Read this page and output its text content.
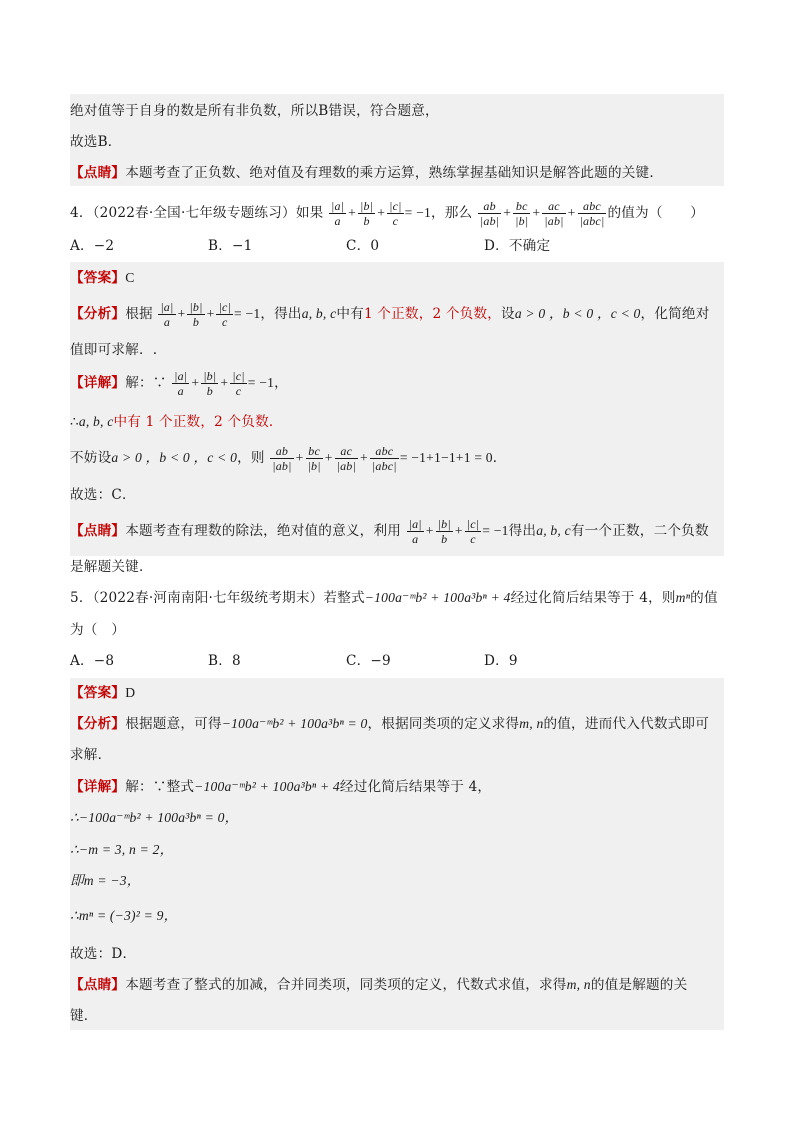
绝对值等于自身的数是所有非负数，所以B错误，符合题意，
故选B．
【点睛】本题考查了正负数、绝对值及有理数的乘方运算，熟练掌握基础知识是解答此题的关键．
4．（2022春·全国·七年级专题练习）如果 $\frac{|a|}{a} + \frac{|b|}{b} + \frac{|c|}{c} = -1$，那么 $\frac{ab}{|ab|} + \frac{bc}{|b|} + \frac{ac}{|ab|} + \frac{\text{abc}}{\text{|abc|}}$ 的值为（　　）
A．−2	B．−1	C．0	D．不确定
【答案】C
【分析】根据 $\frac{|a|}{a} + \frac{|b|}{b} + \frac{|c|}{c} = -1$，得出a, b, c中有1 个正数，2 个负数，设a > 0 ，b < 0 ，c < 0，化简绝对
值即可求解．.
【详解】解：∵ $\frac{|a|}{a} + \frac{|b|}{b} + \frac{|c|}{c} = -1$，
∴a, b, c中有 1 个正数，2 个负数．
不妨设a > 0 ，b < 0 ，c < 0，则 $\frac{ab}{|ab|} + \frac{bc}{|b|} + \frac{ac}{|ab|} + \frac{\text{abc}}{\text{|abc|}} = -1+1-1+1 = 0$．
故选：C．
【点睛】本题考查有理数的除法，绝对值的意义，利用 $\frac{|a|}{a} + \frac{|b|}{b} + \frac{|c|}{c} = -1$得出a, b, c有一个正数，二个负数
是解题关键．
5．（2022春·河南南阳·七年级统考期末）若整式−100a⁻ᵐb² + 100a³bⁿ + 4经过化简后结果等于 4，则mⁿ的值
为（　）
A．−8	B．8	C．−9	D．9
【答案】D
【分析】根据题意，可得−100a⁻ᵐb² + 100a³bⁿ = 0，根据同类项的定义求得m, n的值，进而代入代数式即可
求解．
【详解】解：∵整式−100a⁻ᵐb² + 100a³bⁿ + 4经过化简后结果等于 4，
∴−100a⁻ᵐb² + 100a³bⁿ = 0，
∴−m = 3, n = 2，
即m = −3，
∴mⁿ = (−3)² = 9，
故选：D．
【点睛】本题考查了整式的加减，合并同类项，同类项的定义，代数式求值，求得m, n的值是解题的关
键．
